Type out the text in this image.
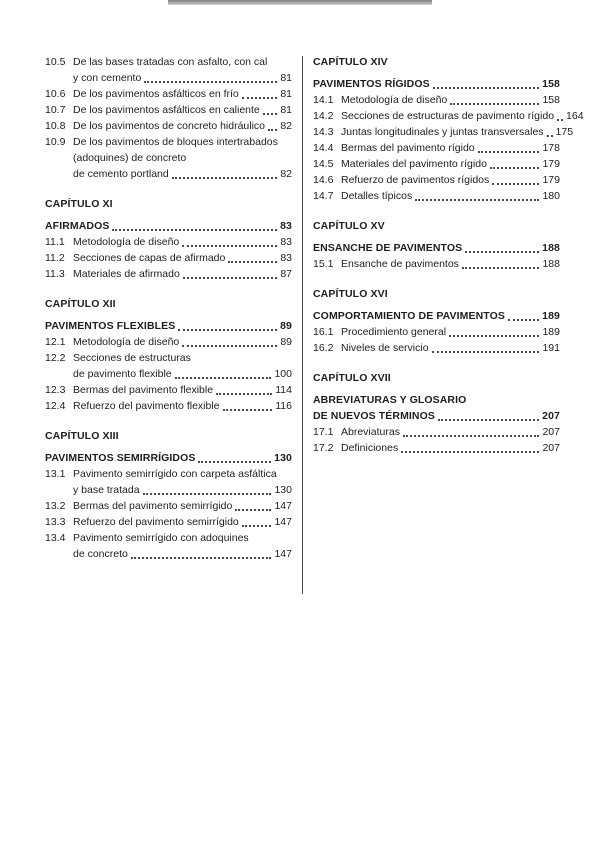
10.5 De las bases tratadas con asfalto, con cal
y con cemento	81
10.6 De los pavimentos asfálticos en frío	81
10.7 De los pavimentos asfálticos en caliente 81
10.8 De los pavimentos de concreto hidráulico 82
10.9 De los pavimentos de bloques intertrabados
(adoquines) de concreto
de cemento portland	82
CAPÍTULO XI
AFIRMADOS	83
11.1 Metodología de diseño	83
11.2 Secciones de capas de afirmado	83
11.3 Materiales de afirmado	87
CAPÍTULO XII
PAVIMENTOS FLEXIBLES	89
12.1 Metodología de diseño	89
12.2 Secciones de estructuras
de pavimento flexible	100
12.3 Bermas del pavimento flexible	114
12.4 Refuerzo del pavimento flexible	116
CAPÍTULO XIII
PAVIMENTOS SEMIRRÍGIDOS	130
13.1 Pavimento semirrígido con carpeta asfáltica
y base tratada	130
13.2 Bermas del pavimento semirrígido	147
13.3 Refuerzo del pavimento semirrígido	147
13.4 Pavimento semirrígido con adoquines
de concreto	147
CAPÍTULO XIV
PAVIMENTOS RÍGIDOS	158
14.1 Metodología de diseño	158
14.2 Secciones de estructuras de pavimento rígido 164
14.3 Juntas longitudinales y juntas transversales 175
14.4 Bermas del pavimento rígido	178
14.5 Materiales del pavimento rígido	179
14.6 Refuerzo de pavimentos rígidos	179
14.7 Detalles típicos	180
CAPÍTULO XV
ENSANCHE DE PAVIMENTOS	188
15.1 Ensanche de pavimentos	188
CAPÍTULO XVI
COMPORTAMIENTO DE PAVIMENTOS	189
16.1 Procedimiento general	189
16.2 Niveles de servicio	191
CAPÍTULO XVII
ABREVIATURAS Y GLOSARIO
DE NUEVOS TÉRMINOS	207
17.1 Abreviaturas	207
17.2 Definiciones	207
